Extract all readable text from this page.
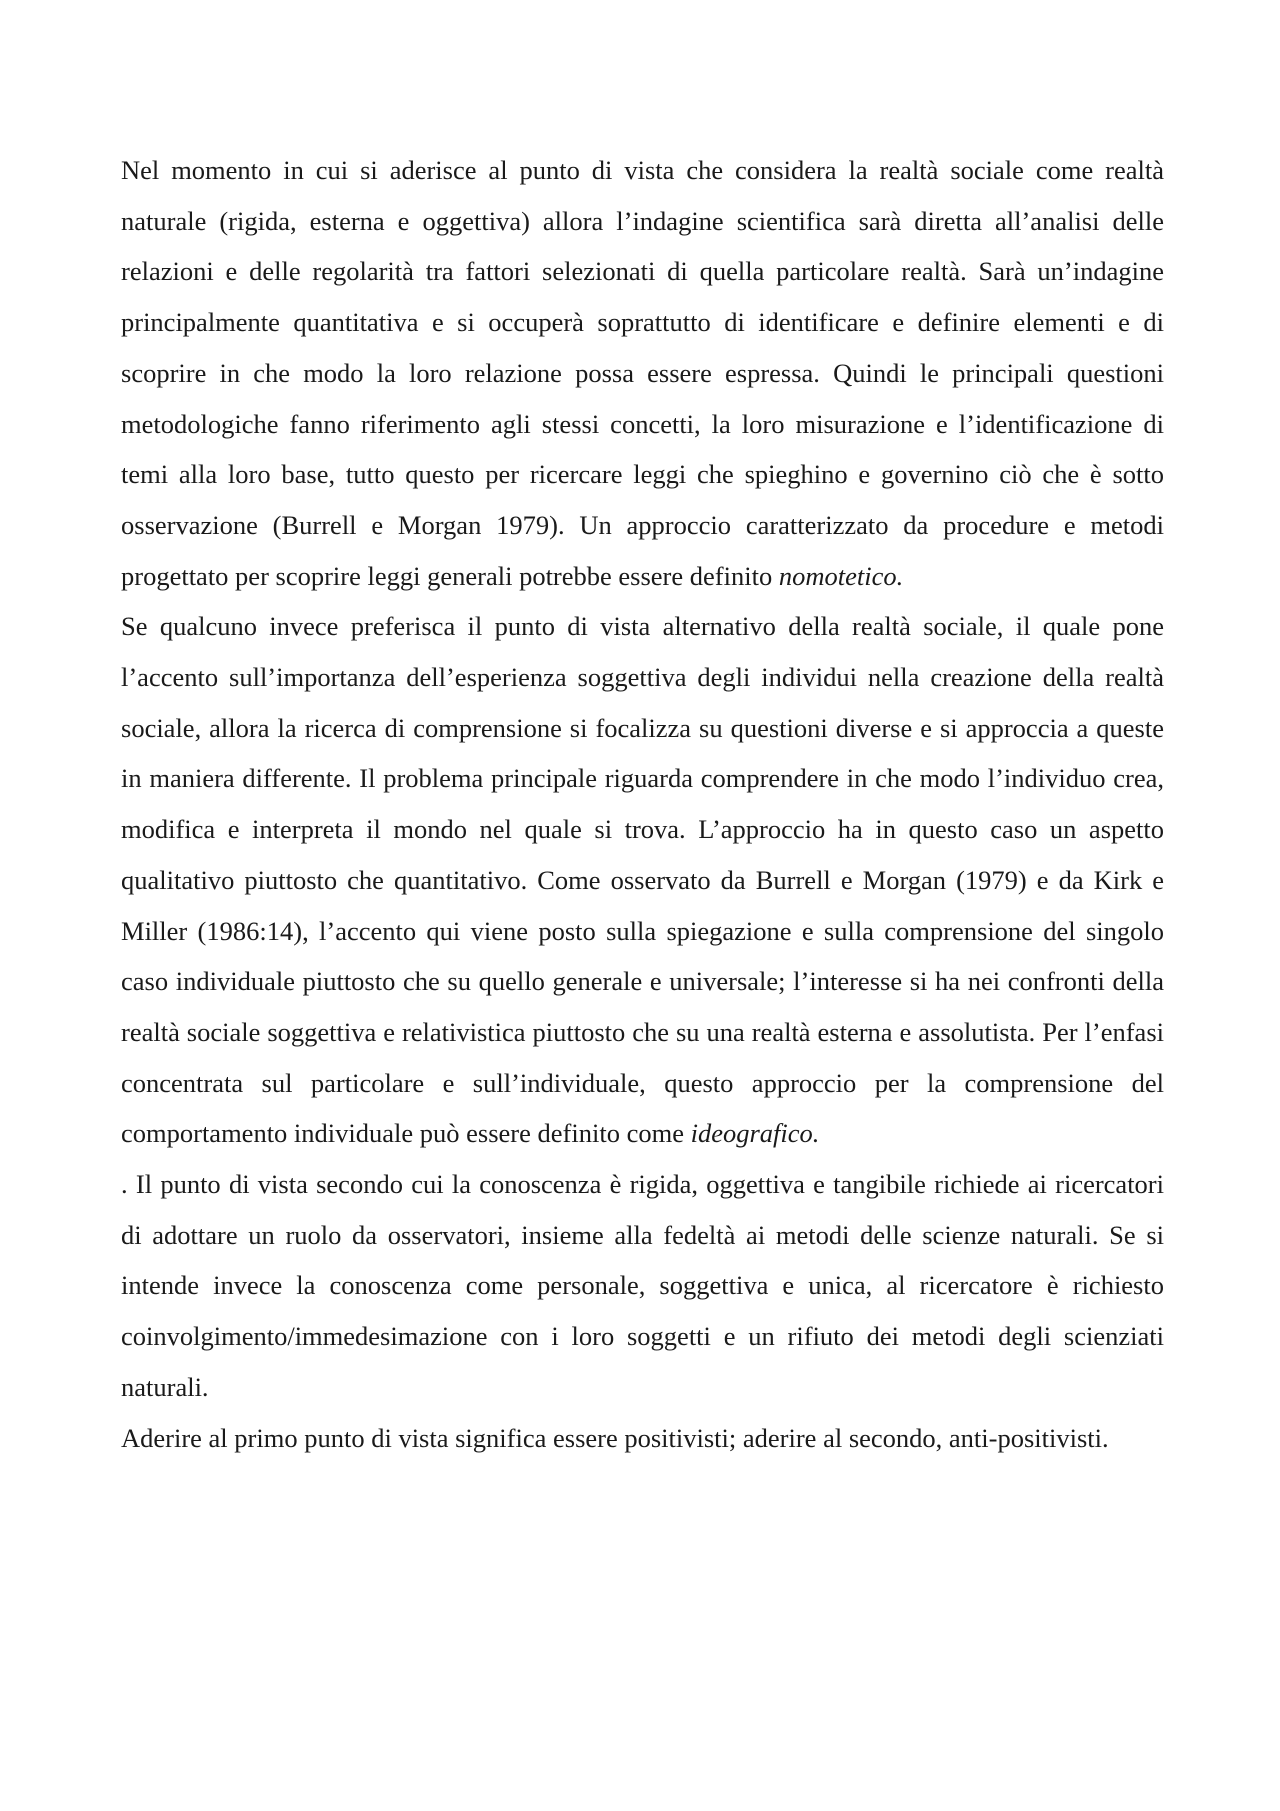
Nel momento in cui si aderisce al punto di vista che considera la realtà sociale come realtà naturale (rigida, esterna e oggettiva) allora l’indagine scientifica sarà diretta all’analisi delle relazioni e delle regolarità tra fattori selezionati di quella particolare realtà. Sarà un’indagine principalmente quantitativa e si occuperà soprattutto di identificare e definire elementi e di scoprire in che modo la loro relazione possa essere espressa. Quindi le principali questioni metodologiche fanno riferimento agli stessi concetti, la loro misurazione e l’identificazione di temi alla loro base, tutto questo per ricercare leggi che spieghino e governino ciò che è sotto osservazione (Burrell e Morgan 1979). Un approccio caratterizzato da procedure e metodi progettato per scoprire leggi generali potrebbe essere definito nomotetico.

Se qualcuno invece preferisca il punto di vista alternativo della realtà sociale, il quale pone l’accento sull’importanza dell’esperienza soggettiva degli individui nella creazione della realtà sociale, allora la ricerca di comprensione si focalizza su questioni diverse e si approccia a queste in maniera differente. Il problema principale riguarda comprendere in che modo l’individuo crea, modifica e interpreta il mondo nel quale si trova. L’approccio ha in questo caso un aspetto qualitativo piuttosto che quantitativo. Come osservato da Burrell e Morgan (1979) e da Kirk e Miller (1986:14), l’accento qui viene posto sulla spiegazione e sulla comprensione del singolo caso individuale piuttosto che su quello generale e universale; l’interesse si ha nei confronti della realtà sociale soggettiva e relativistica piuttosto che su una realtà esterna e assolutista. Per l’enfasi concentrata sul particolare e sull’individuale, questo approccio per la comprensione del comportamento individuale può essere definito come ideografico.

. Il punto di vista secondo cui la conoscenza è rigida, oggettiva e tangibile richiede ai ricercatori di adottare un ruolo da osservatori, insieme alla fedeltà ai metodi delle scienze naturali. Se si intende invece la conoscenza come personale, soggettiva e unica, al ricercatore è richiesto coinvolgimento/immedesimazione con i loro soggetti e un rifiuto dei metodi degli scienziati naturali.

Aderire al primo punto di vista significa essere positivisti; aderire al secondo, anti-positivisti.
